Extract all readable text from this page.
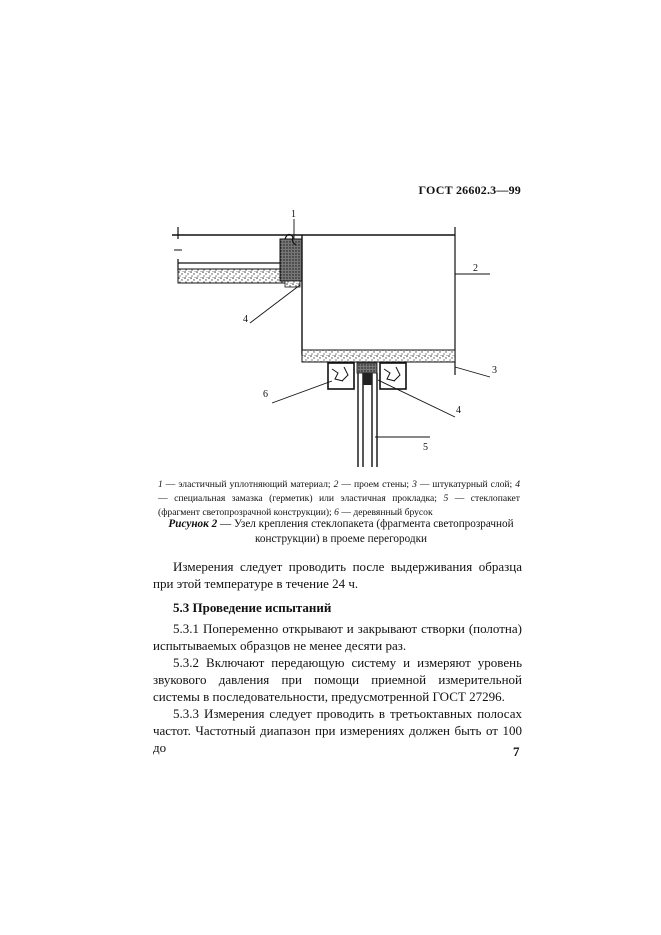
ГОСТ 26602.3—99
1
2
3
4
4
5
6
1 — эластичный уплотняющий материал; 2 — проем стены; 3 — штукатурный слой; 4— специальная замазка (герметик) или эластичная прокладка; 5 — стеклопакет (фрагмент светопрозрачной конструкции); 6 — деревянный брусок
Рисунок 2 — Узел крепления стеклопакета (фрагмента светопрозрачной конструкции) в проеме перегородки
Измерения следует проводить после выдерживания образца при этой температуре в течение 24 ч.
5.3 Проведение испытаний
5.3.1 Попеременно открывают и закрывают створки (полотна) испытываемых образцов не менее десяти раз.
5.3.2 Включают передающую систему и измеряют уровень звукового давления при помощи приемной измерительной системы в последовательности, предусмотренной ГОСТ 27296.
5.3.3 Измерения следует проводить в третьоктавных полосах частот. Частотный диапазон при измерениях должен быть от 100 до	7
